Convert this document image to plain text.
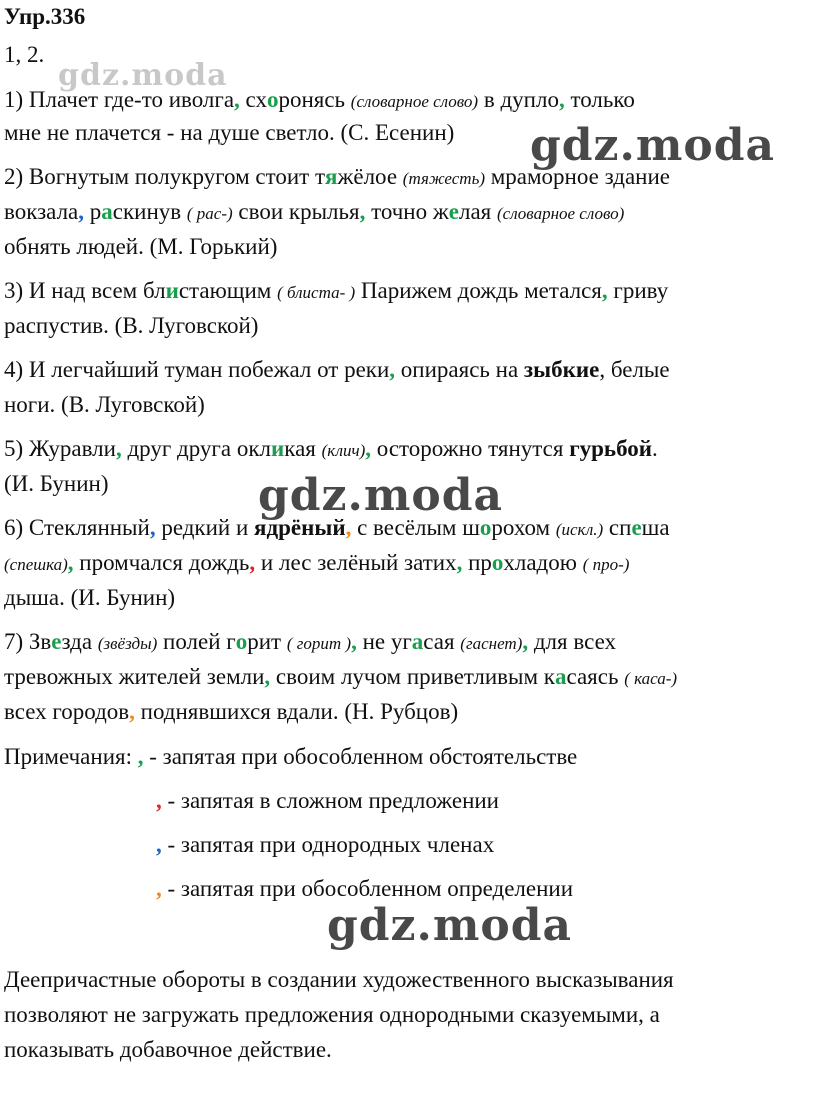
Упр.336
1, 2.
gdz.moda
gdz.moda
gdz.moda
gdz.moda
1) Плачет где-то иволга, схоронясь (словарное слово) в дупло, только
мне не плачется - на душе светло. (С. Есенин)
2) Вогнутым полукругом стоит тяжёлое (тяжесть) мраморное здание
вокзала, раскинув ( рас-) свои крылья, точно желая (словарное слово)
обнять людей. (М. Горький)
3) И над всем блистающим ( блиста- ) Парижем дождь метался, гриву
распустив. (В. Луговской)
4) И легчайший туман побежал от реки, опираясь на зыбкие, белые
ноги. (В. Луговской)
5) Журавли, друг друга окликая (клич), осторожно тянутся гурьбой.
(И. Бунин)
6) Стеклянный, редкий и ядрёный, с весёлым шорохом (искл.) спеша
(спешка), промчался дождь, и лес зелёный затих, прохладою ( про-)
дыша. (И. Бунин)
7) Звезда (звёзды) полей горит ( горит ), не угасая (гаснет), для всех
тревожных жителей земли, своим лучом приветливым касаясь ( каса-)
всех городов, поднявшихся вдали. (Н. Рубцов)
Примечания: , - запятая при обособленном обстоятельстве
, - запятая в сложном предложении
, - запятая при однородных членах
, - запятая при обособленном определении
Деепричастные обороты в создании художественного высказывания
позволяют не загружать предложения однородными сказуемыми, а
показывать добавочное действие.
